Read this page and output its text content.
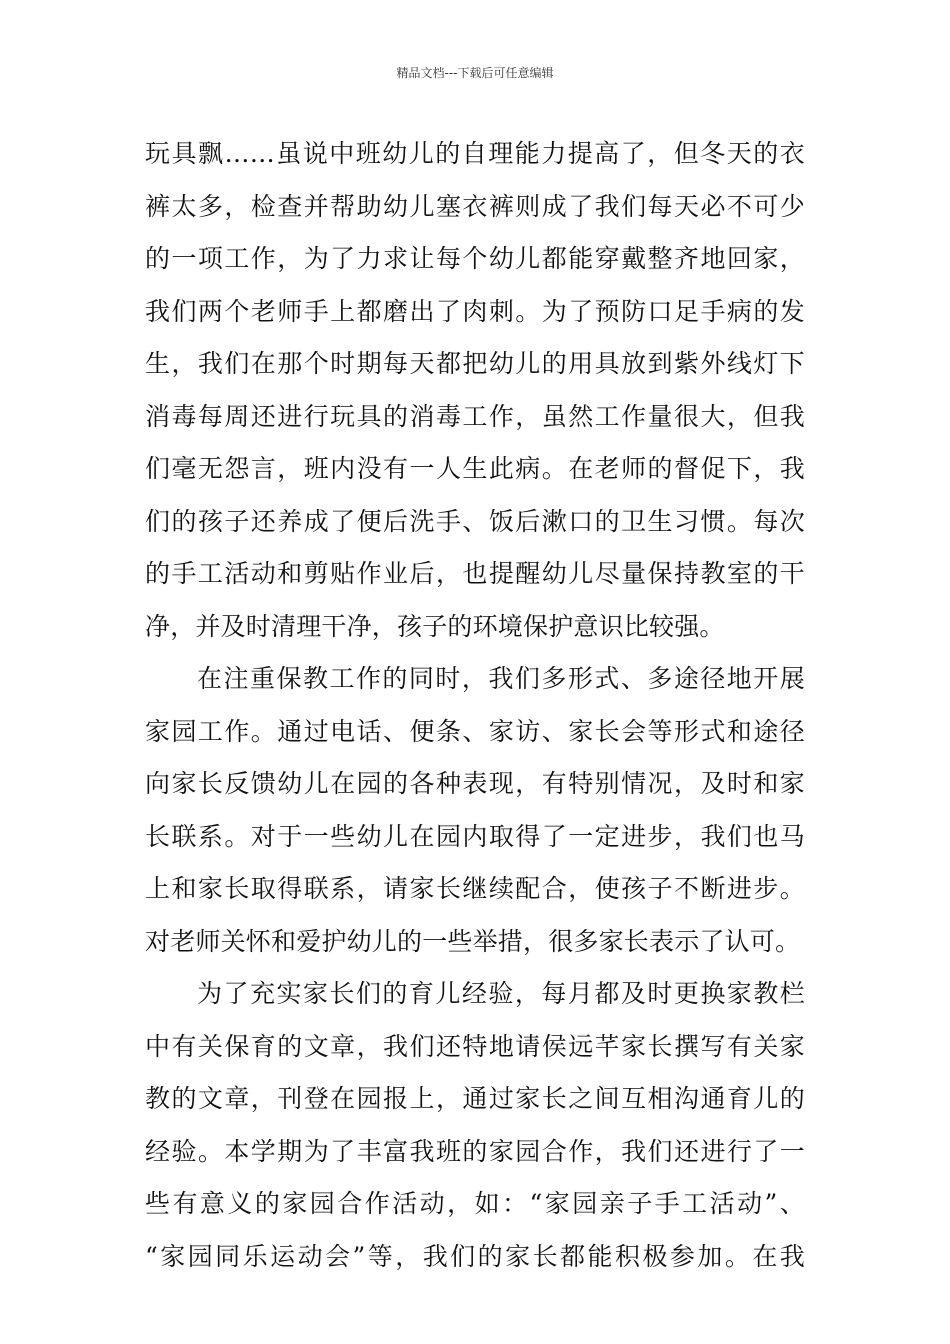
精品文档---下载后可任意编辑
玩具飘……虽说中班幼儿的自理能力提高了，但冬天的衣
裤太多，检查并帮助幼儿塞衣裤则成了我们每天必不可少
的一项工作，为了力求让每个幼儿都能穿戴整齐地回家，
我们两个老师手上都磨出了肉刺。为了预防口足手病的发
生，我们在那个时期每天都把幼儿的用具放到紫外线灯下
消毒每周还进行玩具的消毒工作，虽然工作量很大，但我
们毫无怨言，班内没有一人生此病。在老师的督促下，我
们的孩子还养成了便后洗手、饭后漱口的卫生习惯。每次
的手工活动和剪贴作业后，也提醒幼儿尽量保持教室的干
净，并及时清理干净，孩子的环境保护意识比较强。
在注重保教工作的同时，我们多形式、多途径地开展
家园工作。通过电话、便条、家访、家长会等形式和途径
向家长反馈幼儿在园的各种表现，有特别情况，及时和家
长联系。对于一些幼儿在园内取得了一定进步，我们也马
上和家长取得联系，请家长继续配合，使孩子不断进步。
对老师关怀和爱护幼儿的一些举措，很多家长表示了认可。
为了充实家长们的育儿经验，每月都及时更换家教栏
中有关保育的文章，我们还特地请侯远芊家长撰写有关家
教的文章，刊登在园报上，通过家长之间互相沟通育儿的
经验。本学期为了丰富我班的家园合作，我们还进行了一
些有意义的家园合作活动，如：“家园亲子手工活动”、
“家园同乐运动会”等，我们的家长都能积极参加。在我
